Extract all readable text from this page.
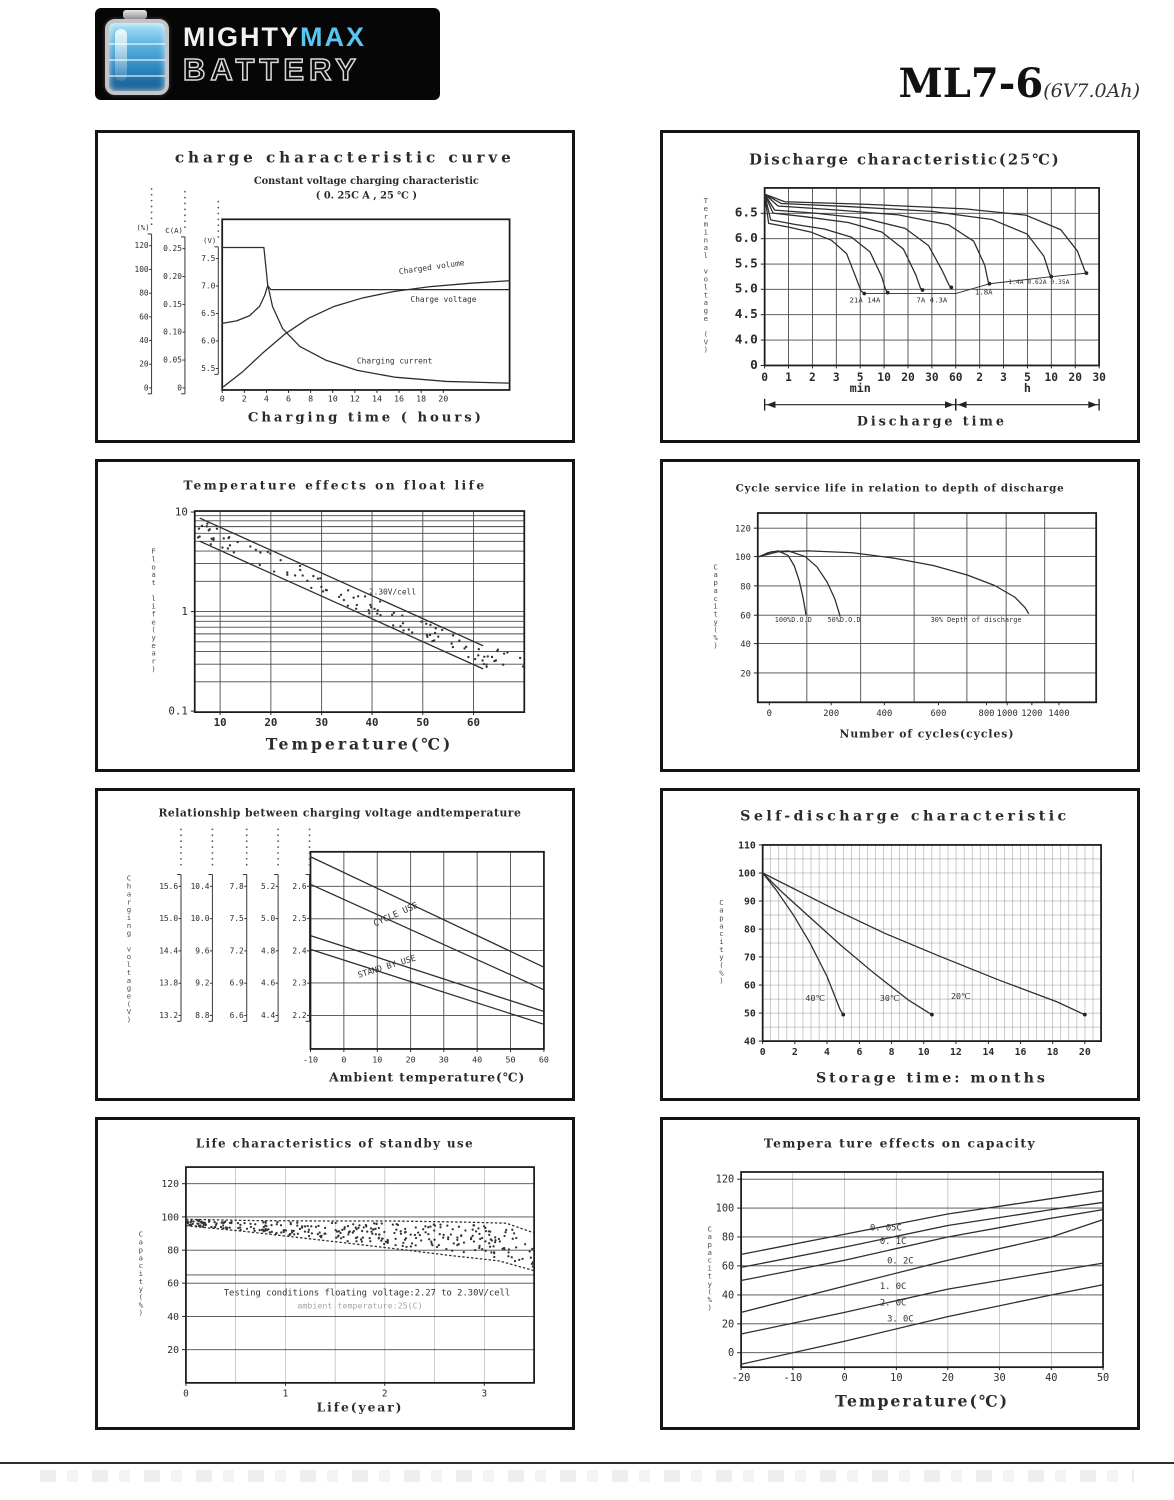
MIGHTYMAX
BATTERY	ML7-6 (6V7.0Ah)
charge characteristic curve
Constant voltage charging characteristic
( 0. 25C A , 25 ℃ )
0 2 4 6 8 10 12 14 16 18 20
(%)
120
100
80
60
40
20
0
C(A)
0.25
0.20
0.15
0.10
0.05
0
(V)
7.5
7.0
6.5
6.0
5.5
Charged volume
Charge voltage
Charging current
Charging time ( hours)
Discharge characteristic(25℃)
6.5
6.0
5.5
5.0
4.5
4.0
0
0 1 2 3 5 10 20 30 60 2 3 5 10 20 30
T
e
r
m
i
n
a
l
v
o
l
t
a
g
e
(
V
)
21A 14A	7A 4.3A
1.8A
1.4A 0.62A 0.35A
min	h
Discharge time
Temperature effects on float life
10
1
0.1
10	20	30	40	50	60
F
l
o
a
t
l
i
f
e
(
y
e
a
r
)
2.30V/cell
Temperature(℃)
Cycle service life in relation to depth of discharge
120
100
80
60
40
20
0	200	400	600	800 1000 1200 1400
C
a
p
a
c
i
t
y
(
%
)
100%D.O.D 50%D.O.D	30% Depth of discharge
Number of cycles(cycles)
Relationship between charging voltage andtemperature
-10	0	10	20	30	40	50	60
C
h
a
r
g
i
n
g
v
o
l
t
a
g
e
(
V
)
15.6
15.0
14.4
13.8
13.2
10.4
10.0
9.6
9.2
8.8
7.8
7.5
7.2
6.9
6.6
5.2
5.0
4.8
4.6
4.4
2.6
2.5
2.4
2.3
2.2
CYCLE USE
STAND BY USE
Ambient temperature(℃)
Self-discharge characteristic
110
100
90
80
70
60
50
40
0	2	4	6	8 10 12 14 16 18 20
C
a
p
a
c
i
t
y
(
%
)
40℃	30℃	20℃
Storage time: months
Life characteristics of standby use
120
100
80
60
40
20
0	1	2	3
C
a
p
a
c
i
t
y
(
%
)
Testing conditions floating voltage:2.27 to 2.30V/cell
ambient temperature:25(C)
Life(year)
Tempera ture effects on capacity
120
100
80
60
40
20
0
-20	-10	0	10	20	30	40	50
C
a
p
a
c
i
t
y
(
%
)
0. 05C
0. 1C
0. 2C
1. 0C
2. 0C
3. 0C
Temperature(℃)
